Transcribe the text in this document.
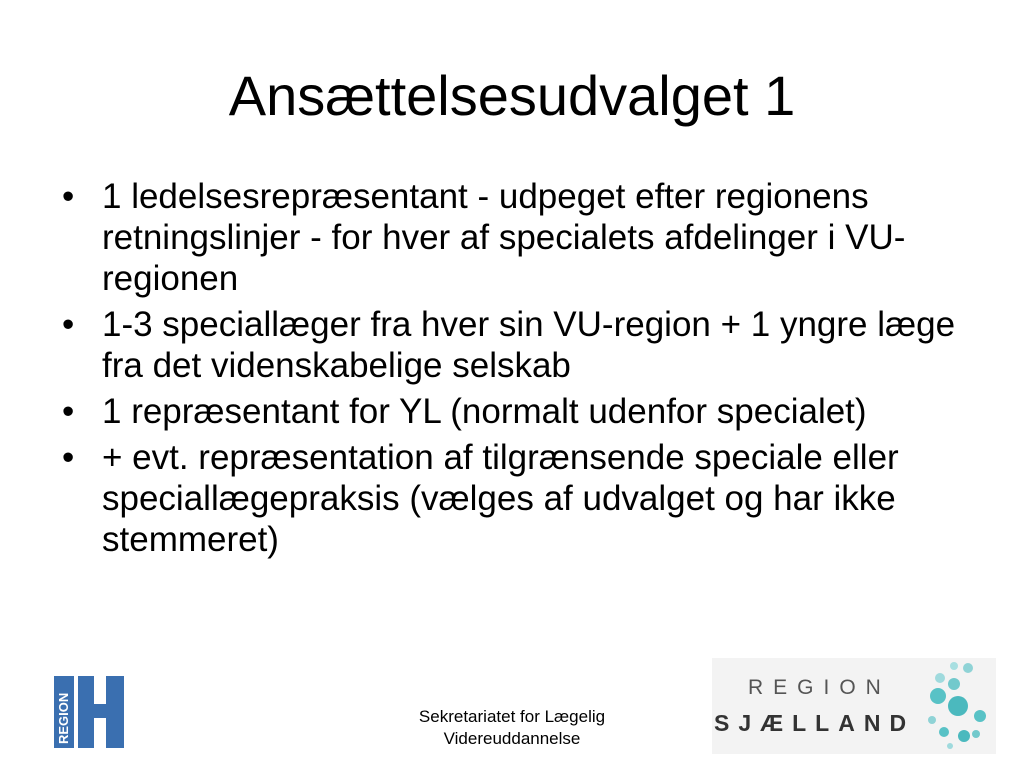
Ansættelsesudvalget 1
• 1 ledelsesrepræsentant - udpeget efter regionens retningslinjer - for hver af specialets afdelinger i VU-regionen
• 1-3 speciallæger fra hver sin VU-region + 1 yngre læge fra det videnskabelige selskab
• 1 repræsentant for YL (normalt udenfor specialet)
• + evt. repræsentation af tilgrænsende speciale eller speciallægepraksis (vælges af udvalget og har ikke stemmeret)
REGION	Sekretariatet for Lægelig
Videreuddannelse
REGION
SJÆLLAND
